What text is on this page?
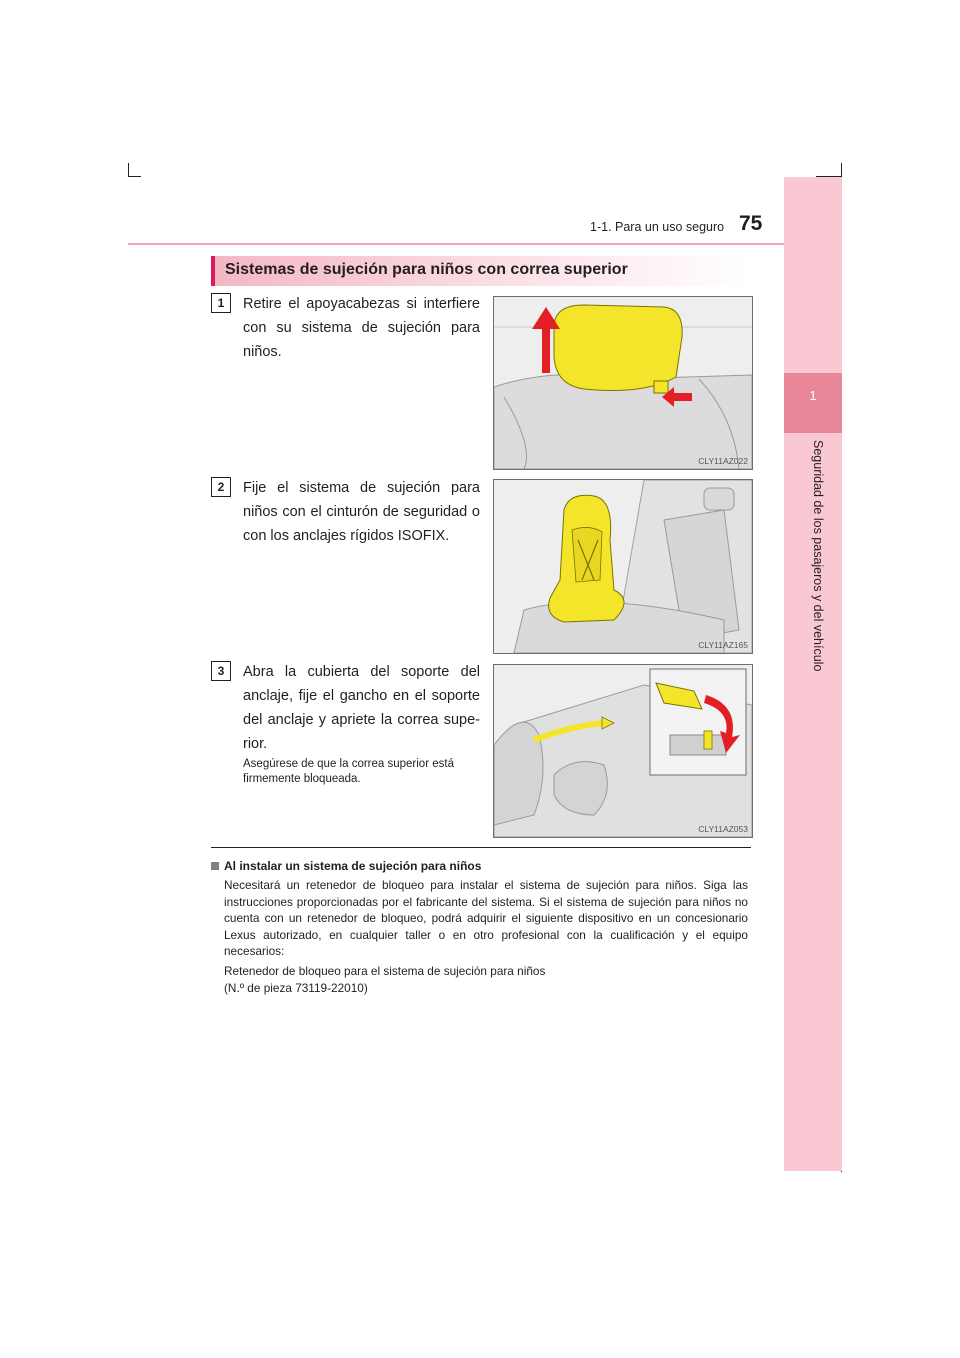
1
Seguridad de los pasajeros y del vehículo
1-1. Para un uso seguro 75
Sistemas de sujeción para niños con correa superior
1	Retire el apoyacabezas si interfiere con su sistema de sujeción para niños.
CLY11AZ022
2	Fije el sistema de sujeción para niños con el cinturón de seguridad o con los anclajes rígidos ISOFIX.
CLY11AZ165
3	Abra la cubierta del soporte del anclaje, fije el gancho en el soporte del anclaje y apriete la correa supe- rior.
Asegúrese de que la correa superior está firmemente bloqueada.
CLY11AZ053
Al instalar un sistema de sujeción para niños
Necesitará un retenedor de bloqueo para instalar el sistema de sujeción para niños. Siga las instrucciones proporcionadas por el fabricante del sistema. Si el sistema de sujeción para niños no cuenta con un retenedor de bloqueo, podrá adquirir el siguiente dispositivo en un concesionario Lexus autorizado, en cualquier taller o en otro profesional con la cualificación y el equipo necesarios:
Retenedor de bloqueo para el sistema de sujeción para niños
(N.º de pieza 73119-22010)
